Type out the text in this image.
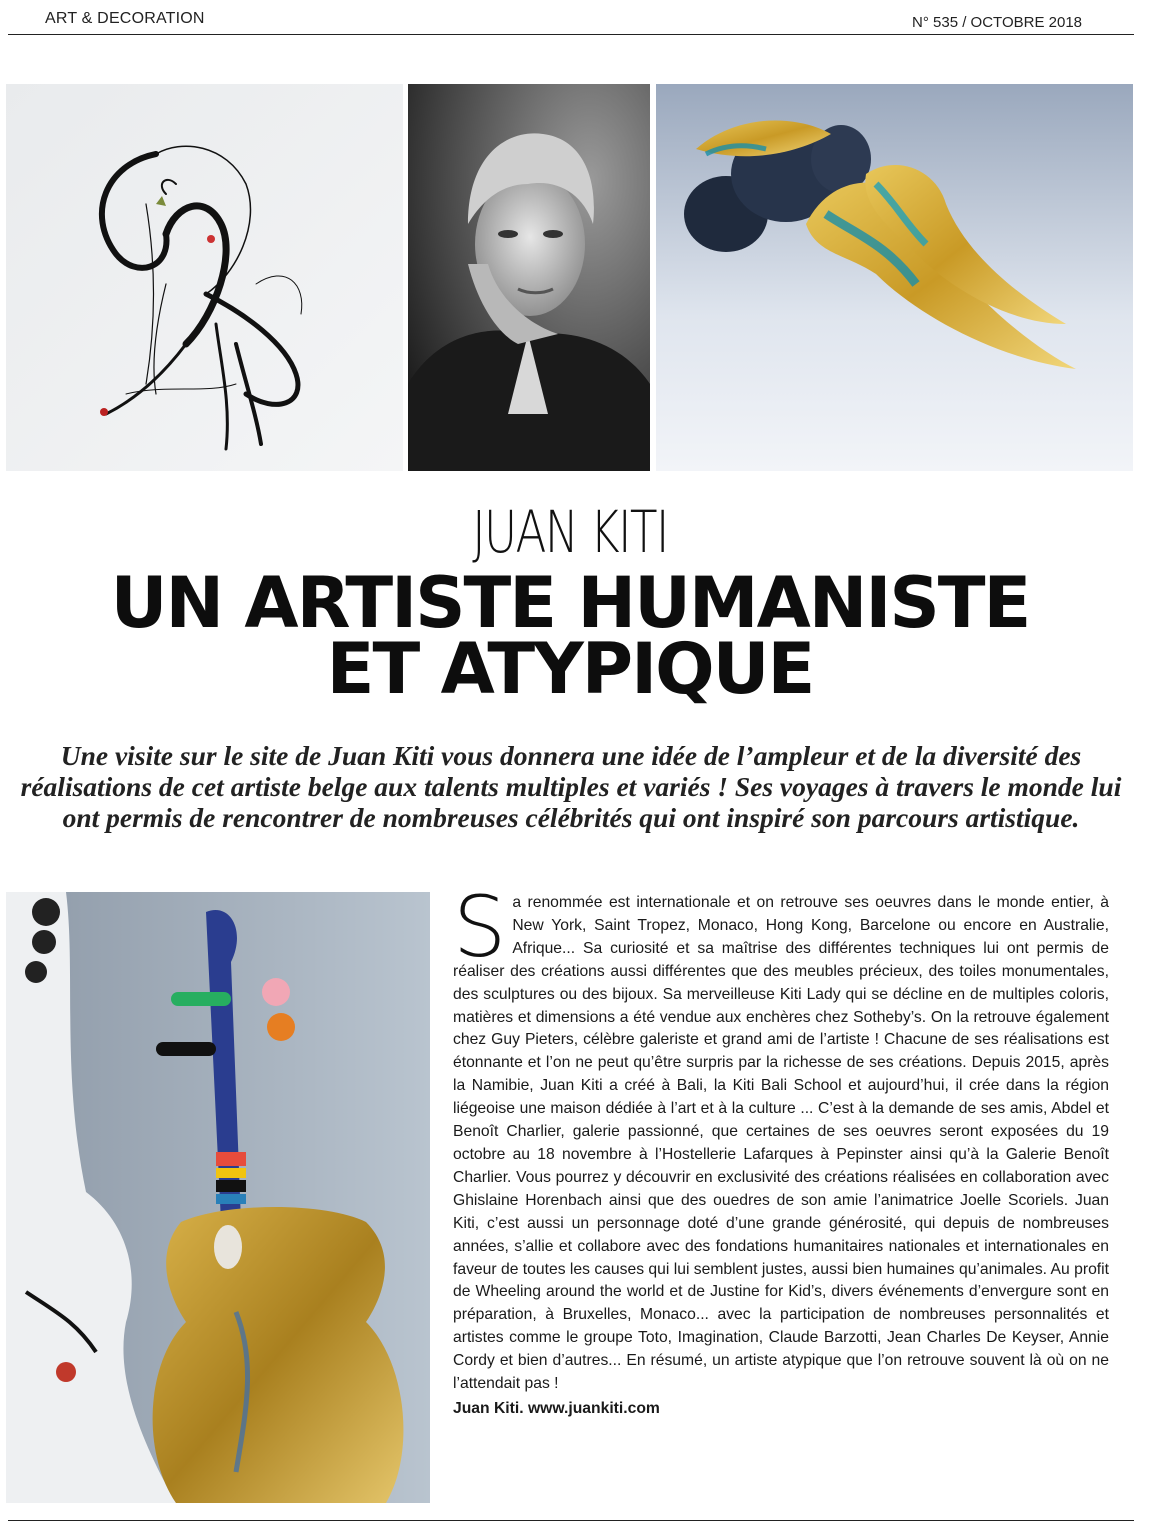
ART & DECORATION	N° 535 / OCTOBRE 2018
JUAN KITI
UN ARTISTE HUMANISTE
ET ATYPIQUE
Une visite sur le site de Juan Kiti vous donnera une idée de l’ampleur et de la diversité des réalisations de cet artiste belge aux talents multiples et variés ! Ses voyages à travers le monde lui ont permis de rencontrer de nombreuses célébrités qui ont inspiré son parcours artistique.
Sa renommée est internationale et on retrouve ses oeuvres dans le monde entier, à New York, Saint Tropez, Monaco, Hong Kong, Barcelone ou encore en Australie, Afrique... Sa curiosité et sa maîtrise des différentes techniques lui ont permis de réaliser des créations aussi différentes que des meubles précieux, des toiles monumentales, des sculptures ou des bijoux. Sa merveilleuse Kiti Lady qui se décline en de multiples coloris, matières et dimensions a été vendue aux enchères chez Sotheby’s. On la retrouve également chez Guy Pieters, célèbre galeriste et grand ami de l’artiste ! Chacune de ses réalisations est étonnante et l’on ne peut qu’être surpris par la richesse de ses créations. Depuis 2015, après la Namibie, Juan Kiti a créé à Bali, la Kiti Bali School et aujourd’hui, il crée dans la région liégeoise une maison dédiée à l’art et à la culture ... C’est à la demande de ses amis, Abdel et Benoît Charlier, galerie passionné, que certaines de ses oeuvres seront exposées du 19 octobre au 18 novembre à l’Hostellerie Lafarques à Pepinster ainsi qu’à la Galerie Benoît Charlier. Vous pourrez y découvrir en exclusivité des créations réalisées en collaboration avec Ghislaine Horenbach ainsi que des ouedres de son amie l’animatrice Joelle Scoriels. Juan Kiti, c’est aussi un personnage doté d’une grande générosité, qui depuis de nombreuses années, s’allie et collabore avec des fondations humanitaires nationales et internationales en faveur de toutes les causes qui lui semblent justes, aussi bien humaines qu’animales. Au profit de Wheeling around the world et de Justine for Kid’s, divers événements d’envergure sont en préparation, à Bruxelles, Monaco... avec la participation de nombreuses personnalités et artistes comme le groupe Toto, Imagination, Claude Barzotti, Jean Charles De Keyser, Annie Cordy et bien d’autres... En résumé, un artiste atypique que l’on retrouve souvent là où on ne l’attendait pas !
Juan Kiti. www.juankiti.com
